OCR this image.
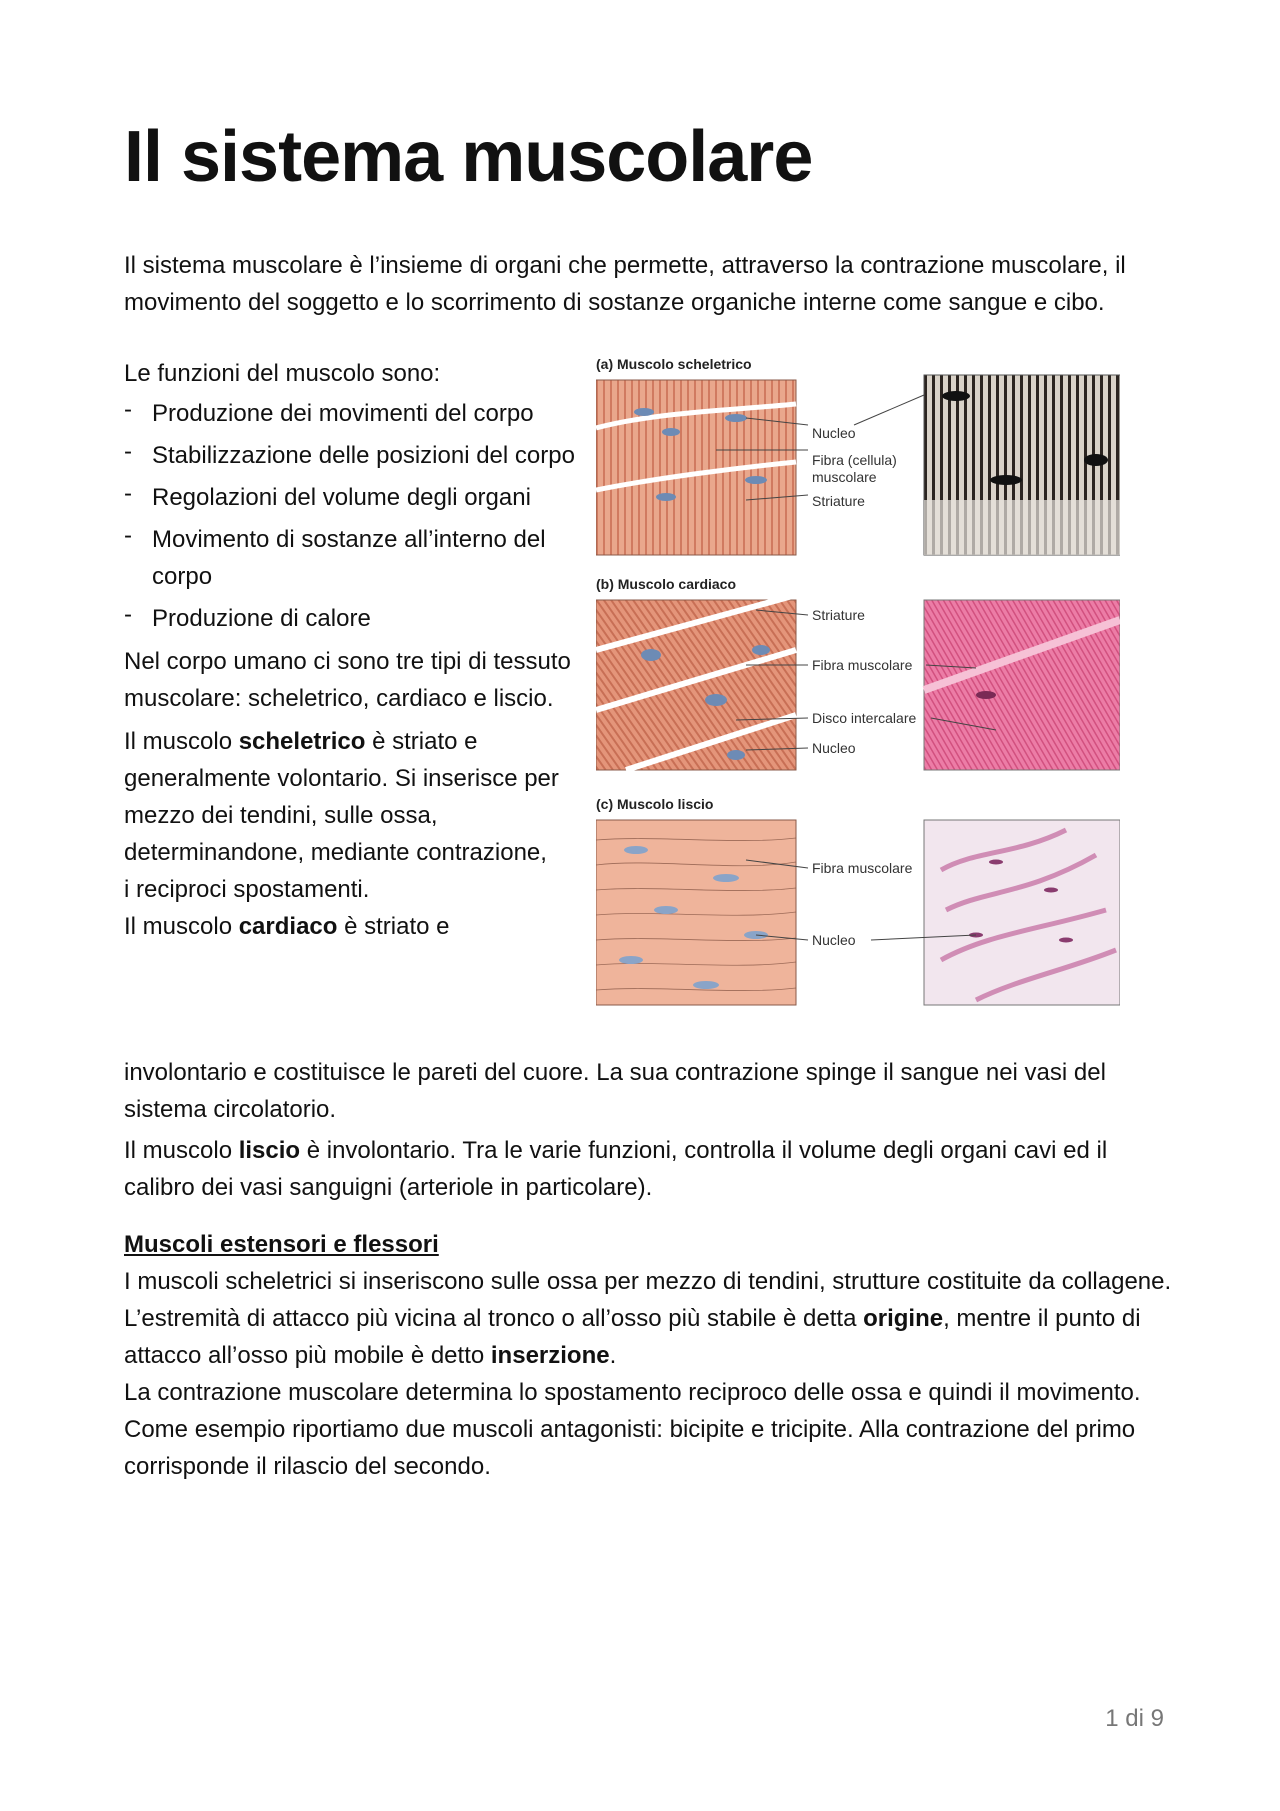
Il sistema muscolare

Il sistema muscolare è l’insieme di organi che permette, attraverso la contrazione muscolare, il movimento del soggetto e lo scorrimento di sostanze organiche interne come sangue e cibo.

Le funzioni del muscolo sono:

- Produzione dei movimenti del corpo
- Stabilizzazione delle posizioni del corpo
- Regolazioni del volume degli organi
- Movimento di sostanze all’interno del corpo
- Produzione di calore

Nel corpo umano ci sono tre tipi di tessuto muscolare: scheletrico, cardiaco e liscio.

Il muscolo scheletrico è striato e generalmente volontario. Si inserisce per mezzo dei tendini, sulle ossa, determinandone, mediante contrazione,

i reciproci spostamenti.

Il muscolo cardiaco è striato e

involontario e costituisce le pareti del cuore. La sua contrazione spinge il sangue nei vasi del sistema circolatorio.

Il muscolo liscio è involontario. Tra le varie funzioni, controlla il volume degli organi cavi ed il calibro dei vasi sanguigni (arteriole in particolare).

Muscoli estensori e flessori

I muscoli scheletrici si inseriscono sulle ossa per mezzo di tendini, strutture costituite da collagene.

L’estremità di attacco più vicina al tronco o all’osso più stabile è detta origine, mentre il punto di attacco all’osso più mobile è detto inserzione.

La contrazione muscolare determina lo spostamento reciproco delle ossa e quindi il movimento.

Come esempio riportiamo due muscoli antagonisti: bicipite e tricipite. Alla contrazione del primo corrisponde il rilascio del secondo.

(a) Muscolo scheletrico
Nucleo
Fibra (cellula)
muscolare
Striature
(b) Muscolo cardiaco
Striature
Fibra muscolare
Disco intercalare
Nucleo
(c) Muscolo liscio
Fibra muscolare
Nucleo
1 di 9
